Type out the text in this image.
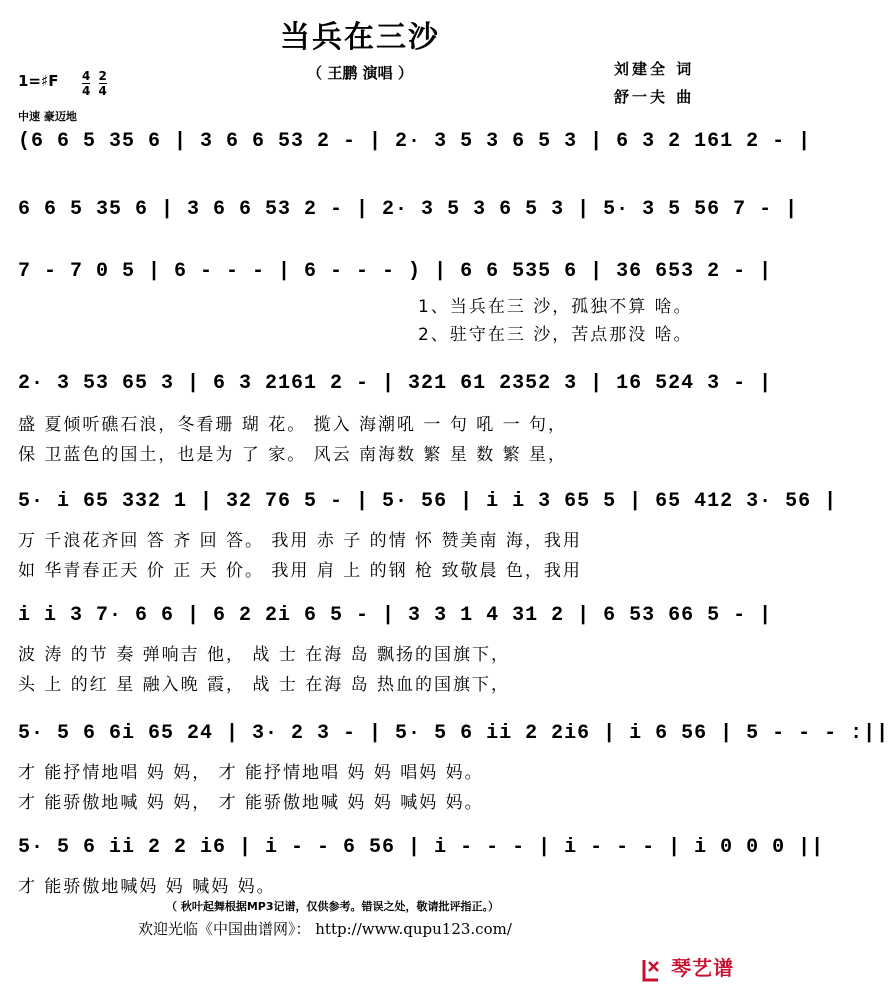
当兵在三沙
（ 王鹏 演唱 ）	刘建全 词
舒一夫 曲
1=♯F $\frac{4}{4}$
$\frac{2}{4}$
中速 豪迈地
(6 6 5 35 6 | 3 6 6 53 2 - | 2· 3 5 3 6 5 3 | 6 3 2 161 2 - |
6 6 5 35 6 | 3 6 6 53 2 - | 2· 3 5 3 6 5 3 | 5· 3 5 56 7 - |
7 - 7 0 5 | 6 - - - | 6 - - - ) | 6 6 535 6 | 36 653 2 - |
1、当兵在三 沙，孤独不算 啥。
2、驻守在三 沙，苦点那没 啥。
2· 3 53 65 3 | 6 3 2161 2 - | 321 61 2352 3 | 16 524 3 - |
盛 夏倾听礁石浪，冬看珊 瑚 花。 揽入 海潮吼 一 句 吼 一 句，
保 卫蓝色的国土，也是为 了 家。 风云 南海数 繁 星 数 繁 星，
5· i 65 332 1 | 32 76 5 - | 5· 56 | i i 3 65 5 | 65 412 3· 56 |
万 千浪花齐回 答 齐 回 答。 我用 赤 子 的情 怀 赞美南 海，我用
如 华青春正天 价 正 天 价。 我用 肩 上 的钢 枪 致敬晨 色，我用
i i 3 7· 6 6 | 6 2 2i 6 5 - | 3 3 1 4 31 2 | 6 53 66 5 - |
波 涛 的节 奏 弹响吉 他， 战 士 在海 岛 飘扬的国旗下，
头 上 的红 星 融入晚 霞， 战 士 在海 岛 热血的国旗下，
5· 5 6 6i 65 24 | 3· 2 3 - | 5· 5 6 ii 2 2i6 | i 6 56 | 5 - - - :||
才 能抒情地唱 妈 妈， 才 能抒情地唱 妈 妈 唱妈 妈。
才 能骄傲地喊 妈 妈， 才 能骄傲地喊 妈 妈 喊妈 妈。
5· 5 6 ii 2 2 i6 | i - - 6 56 | i - - - | i - - - | i 0 0 0 ||
才 能骄傲地喊妈 妈 喊妈 妈。
（ 秋叶起舞根据MP3记谱，仅供参考。错误之处，敬请批评指正。）
欢迎光临《中国曲谱网》： http://www.qupu123.com/
琴艺谱
